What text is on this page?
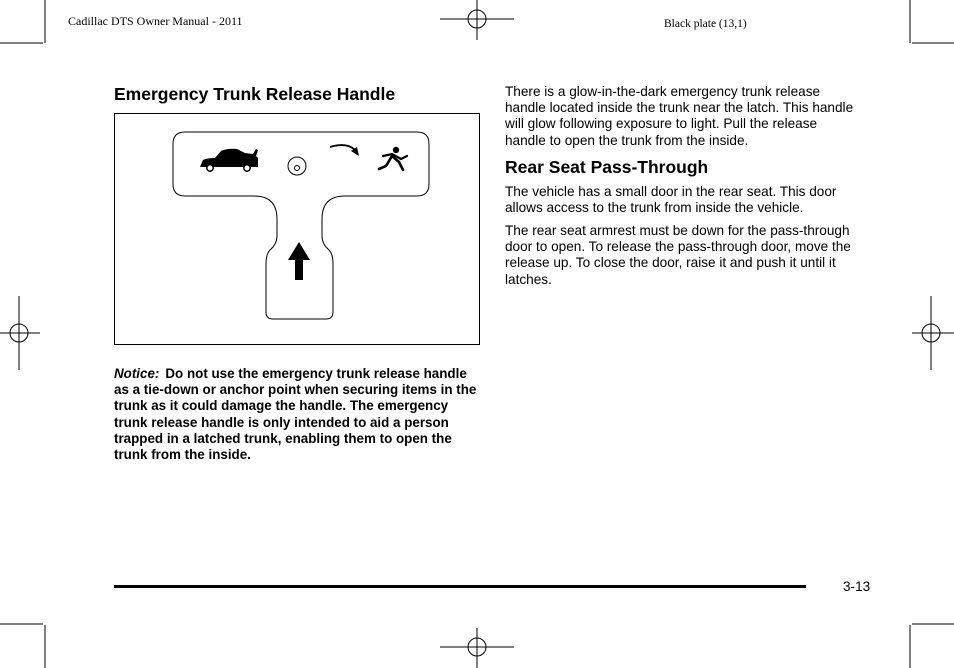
Cadillac DTS Owner Manual - 2011	Black plate (13,1)
Emergency Trunk Release Handle

Notice: Do not use the emergency trunk release handle as a tie-down or anchor point when securing items in the trunk as it could damage the handle. The emergency trunk release handle is only intended to aid a person trapped in a latched trunk, enabling them to open the trunk from the inside.

There is a glow-in-the-dark emergency trunk release handle located inside the trunk near the latch. This handle will glow following exposure to light. Pull the release handle to open the trunk from the inside.

Rear Seat Pass-Through

The vehicle has a small door in the rear seat. This door allows access to the trunk from inside the vehicle.

The rear seat armrest must be down for the pass-through door to open. To release the pass-through door, move the release up. To close the door, raise it and push it until it latches.

3-13
